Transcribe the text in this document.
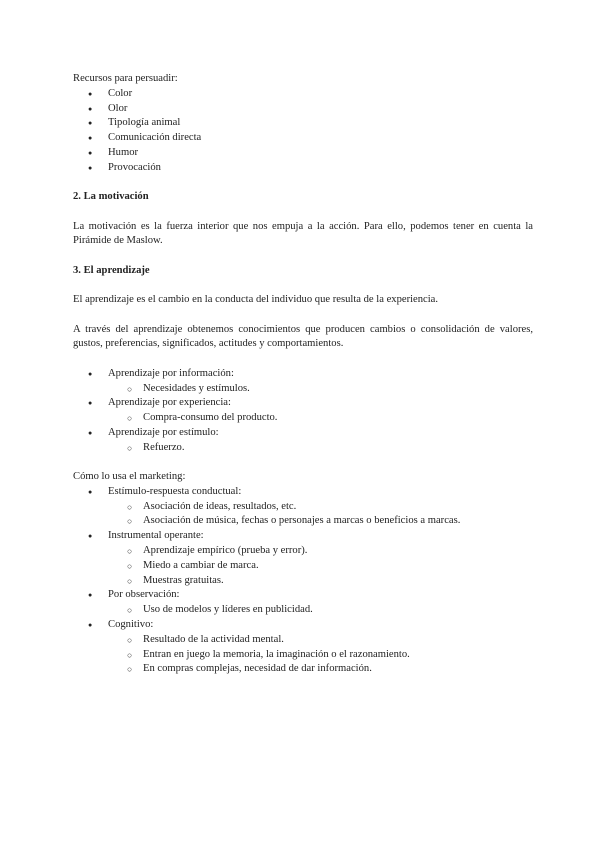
Recursos para persuadir:

● Color
● Olor
● Tipología animal
● Comunicación directa
● Humor
● Provocación
2. La motivación

La motivación es la fuerza interior que nos empuja a la acción. Para ello, podemos tener en cuenta la Pirámide de Maslow.

3. El aprendizaje

El aprendizaje es el cambio en la conducta del individuo que resulta de la experiencia.

A través del aprendizaje obtenemos conocimientos que producen cambios o consolidación de valores, gustos, preferencias, significados, actitudes y comportamientos.

● Aprendizaje por información:
○ Necesidades y estímulos.
● Aprendizaje por experiencia:
○ Compra-consumo del producto.
● Aprendizaje por estímulo:
○ Refuerzo.

Cómo lo usa el marketing:

● Estímulo-respuesta conductual:
○ Asociación de ideas, resultados, etc.
○ Asociación de música, fechas o personajes a marcas o beneficios a marcas.
● Instrumental operante:
○ Aprendizaje empírico (prueba y error).
○ Miedo a cambiar de marca.
○ Muestras gratuitas.
● Por observación:
○ Uso de modelos y líderes en publicidad.
● Cognitivo:
○ Resultado de la actividad mental.
○ Entran en juego la memoria, la imaginación o el razonamiento.
○ En compras complejas, necesidad de dar información.
